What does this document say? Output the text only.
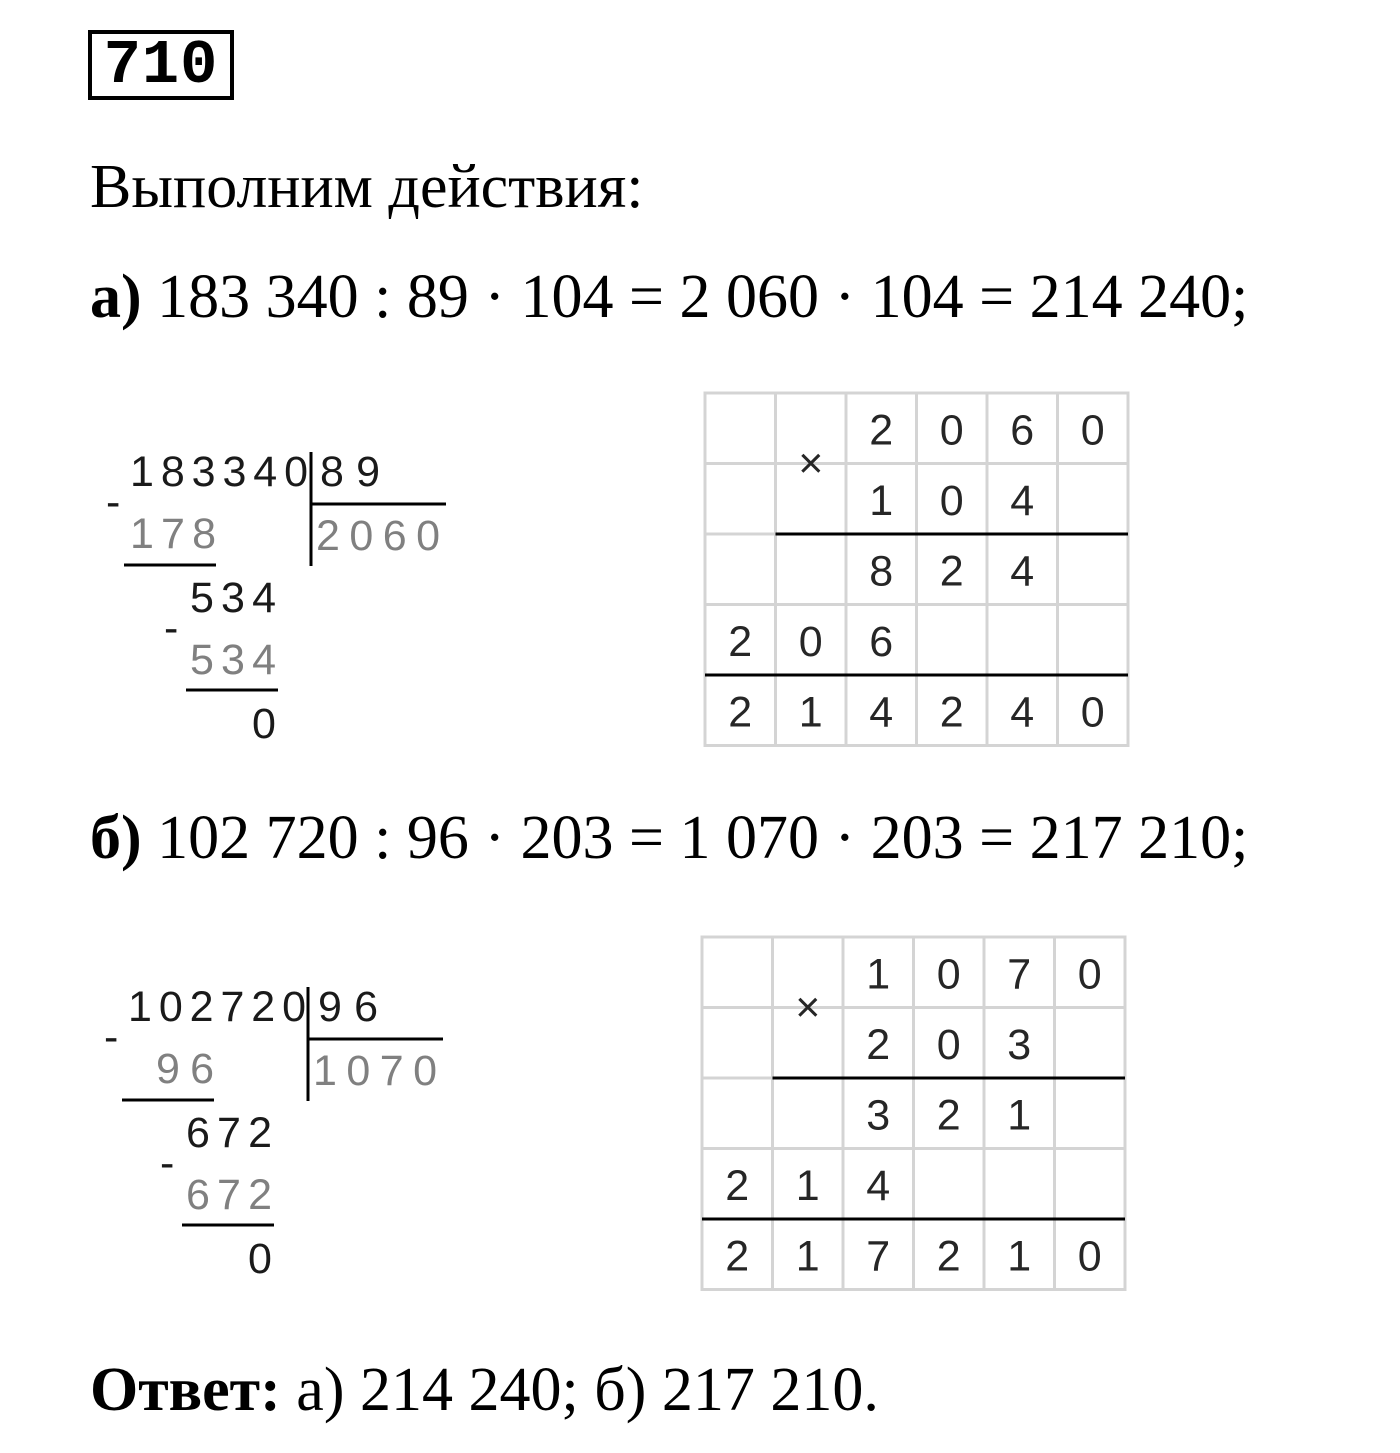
710
Выполним действия:
а) 183 340 : 89 · 104 = 2 060 · 104 = 214 240;
183340 89
2060
-
178
534
-
534
0
×
2 0 6 0
1 0 4
8 2 4
2 0 6
2 1 4 2 4 0
б) 102 720 : 96 · 203 = 1 070 · 203 = 217 210;
102720 96
1070
-
96
672
-
672
0
×
1 0 7 0
2 0 3
3 2 1
2 1 4
2 1 7 2 1 0
Ответ: а) 214 240; б) 217 210.
